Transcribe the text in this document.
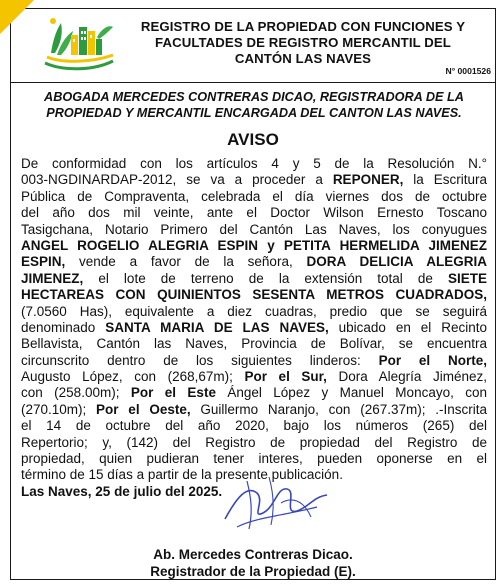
REGISTRO DE LA PROPIEDAD CON FUNCIONES Y
FACULTADES DE REGISTRO MERCANTIL DEL
CANTÓN LAS NAVES
N° 0001526
ABOGADA MERCEDES CONTRERAS DICAO, REGISTRADORA DE LA
PROPIEDAD Y MERCANTIL ENCARGADA DEL CANTON LAS NAVES.
AVISO
De conformidad con los artículos 4 y 5 de la Resolución N.°
003-NGDINARDAP-2012, se va a proceder a REPONER, la Escritura
Pública de Compraventa, celebrada el día viernes dos de octubre
del año dos mil veinte, ante el Doctor Wilson Ernesto Toscano
Tasigchana, Notario Primero del Cantón Las Naves, los conyugues
ANGEL ROGELIO ALEGRIA ESPIN y PETITA HERMELIDA JIMENEZ
ESPIN, vende a favor de la señora, DORA DELICIA ALEGRIA
JIMENEZ, el lote de terreno de la extensión total de SIETE
HECTAREAS CON QUINIENTOS SESENTA METROS CUADRADOS,
(7.0560 Has), equivalente a diez cuadras, predio que se seguirá
denominado SANTA MARIA DE LAS NAVES, ubicado en el Recinto
Bellavista, Cantón las Naves, Provincia de Bolívar, se encuentra
circunscrito dentro de los siguientes linderos: Por el Norte,
Augusto López, con (268,67m); Por el Sur, Dora Alegría Jiménez,
con (258.00m); Por el Este Ángel López y Manuel Moncayo, con
(270.10m); Por el Oeste, Guillermo Naranjo, con (267.37m); .-Inscrita
el 14 de octubre del año 2020, bajo los números (265) del
Repertorio; y, (142) del Registro de propiedad del Registro de
propiedad, quien pudieran tener interes, pueden oponerse en el
término de 15 días a partir de la presente publicación.
Las Naves, 25 de julio del 2025.
Ab. Mercedes Contreras Dicao.
Registrador de la Propiedad (E).
